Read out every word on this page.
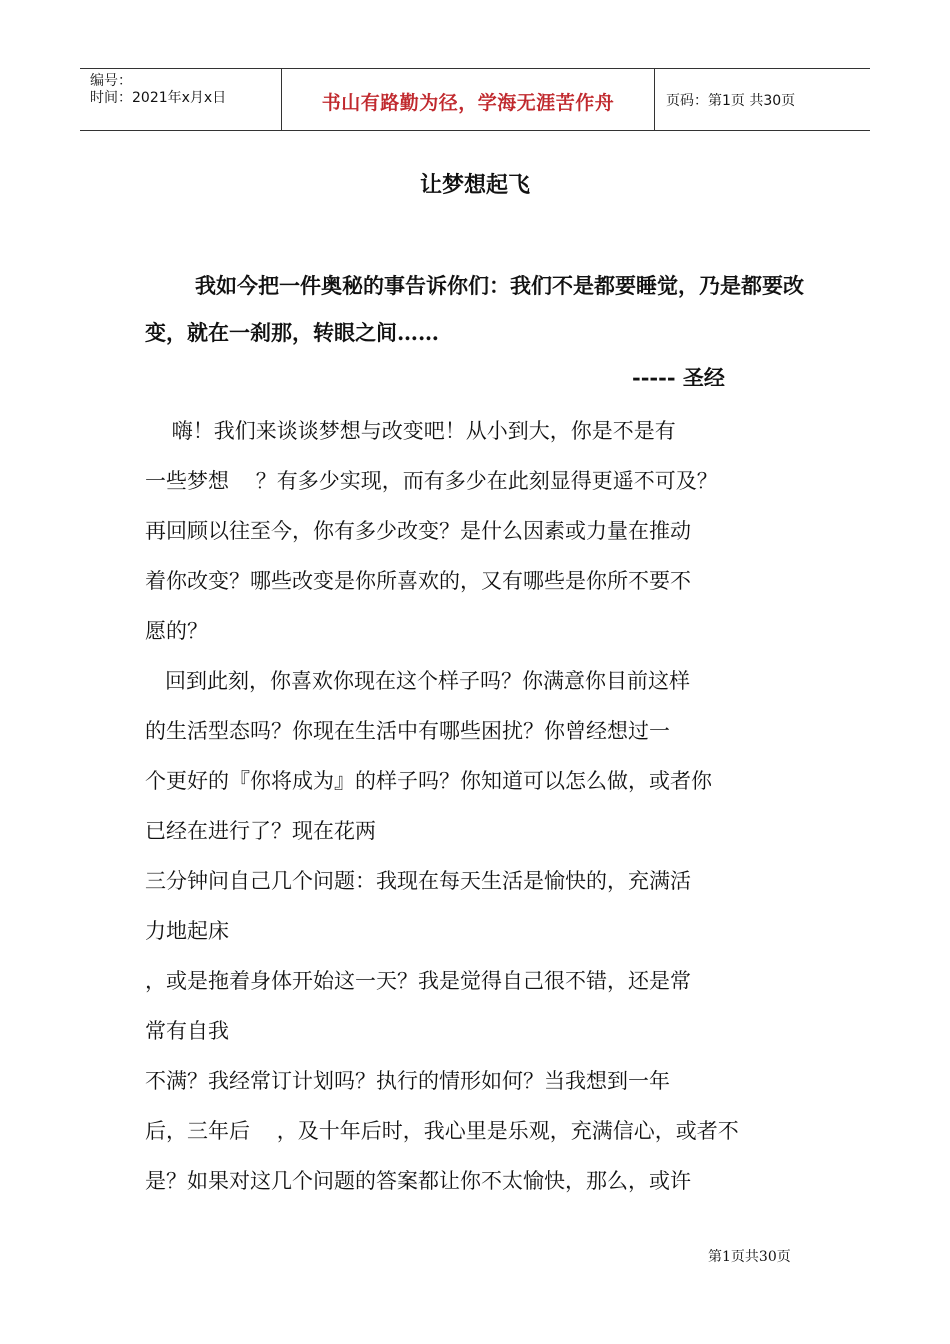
编号：
时间：2021年x月x日	书山有路勤为径，学海无涯苦作舟	页码：第1页 共30页
让梦想起飞

我如今把一件奥秘的事告诉你们：我们不是都要睡觉，乃是都要改变，就在一刹那，转眼之间……

----- 圣经
嗨！我们来谈谈梦想与改变吧！从小到大，你是不是有
一些梦想    ？有多少实现，而有多少在此刻显得更遥不可及？
再回顾以往至今，你有多少改变？是什么因素或力量在推动
着你改变？哪些改变是你所喜欢的，又有哪些是你所不要不
愿的？
回到此刻，你喜欢你现在这个样子吗？你满意你目前这样
的生活型态吗？你现在生活中有哪些困扰？你曾经想过一
个更好的『你将成为』的样子吗？你知道可以怎么做，或者你
已经在进行了？现在花两
三分钟问自己几个问题：我现在每天生活是愉快的，充满活
力地起床
，或是拖着身体开始这一天？我是觉得自己很不错，还是常
常有自我
不满？我经常订计划吗？执行的情形如何？当我想到一年
后，三年后    ，及十年后时，我心里是乐观，充满信心，或者不
是？如果对这几个问题的答案都让你不太愉快，那么，或许
第1页共30页
